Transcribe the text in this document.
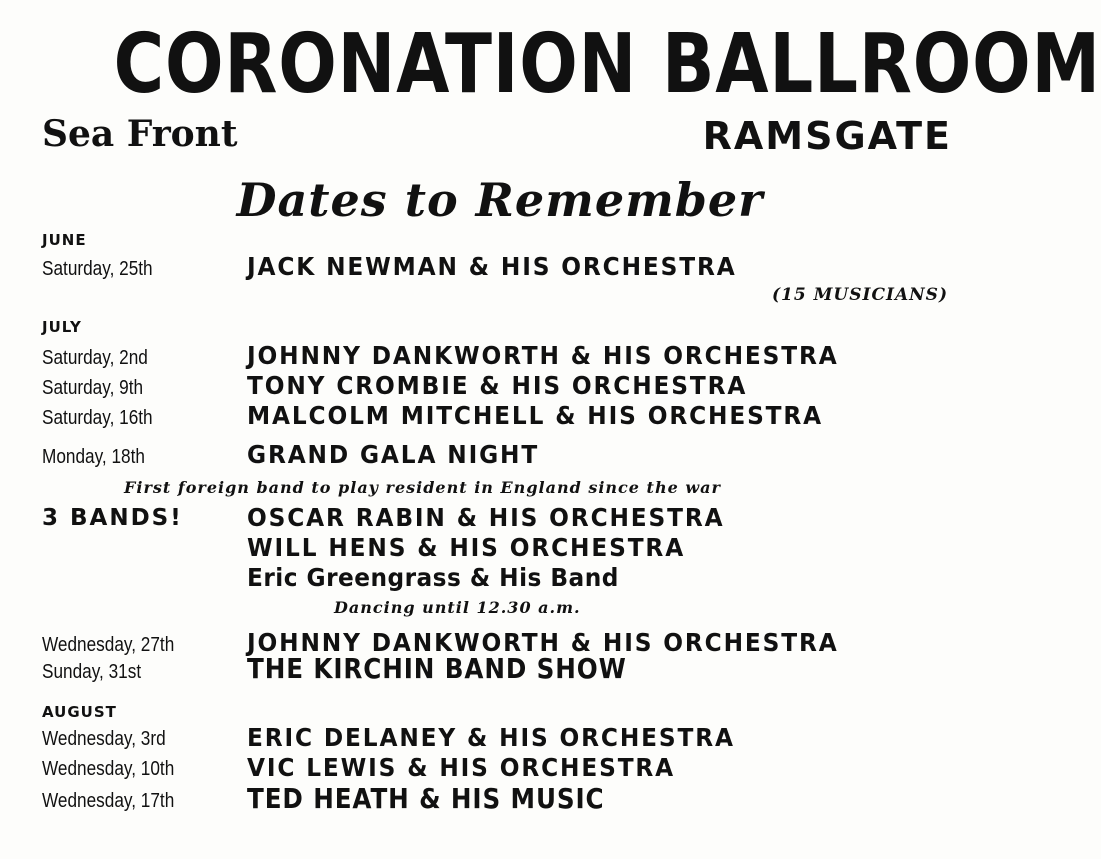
CORONATION BALLROOM
Sea Front	RAMSGATE
Dates to Remember
JUNE
Saturday, 25th	JACK NEWMAN & HIS ORCHESTRA
(15 MUSICIANS)
JULY
Saturday, 2nd	JOHNNY DANKWORTH & HIS ORCHESTRA
Saturday, 9th	TONY CROMBIE & HIS ORCHESTRA
Saturday, 16th	MALCOLM MITCHELL & HIS ORCHESTRA
Monday, 18th	GRAND GALA NIGHT
First foreign band to play resident in England since the war
3 BANDS!	OSCAR RABIN & HIS ORCHESTRA
WILL HENS & HIS ORCHESTRA
Eric Greengrass & His Band
Dancing until 12.30 a.m.
Wednesday, 27th	JOHNNY DANKWORTH & HIS ORCHESTRA
Sunday, 31st	THE KIRCHIN BAND SHOW
AUGUST
Wednesday, 3rd	ERIC DELANEY & HIS ORCHESTRA
Wednesday, 10th	VIC LEWIS & HIS ORCHESTRA
Wednesday, 17th	TED HEATH & HIS MUSIC
